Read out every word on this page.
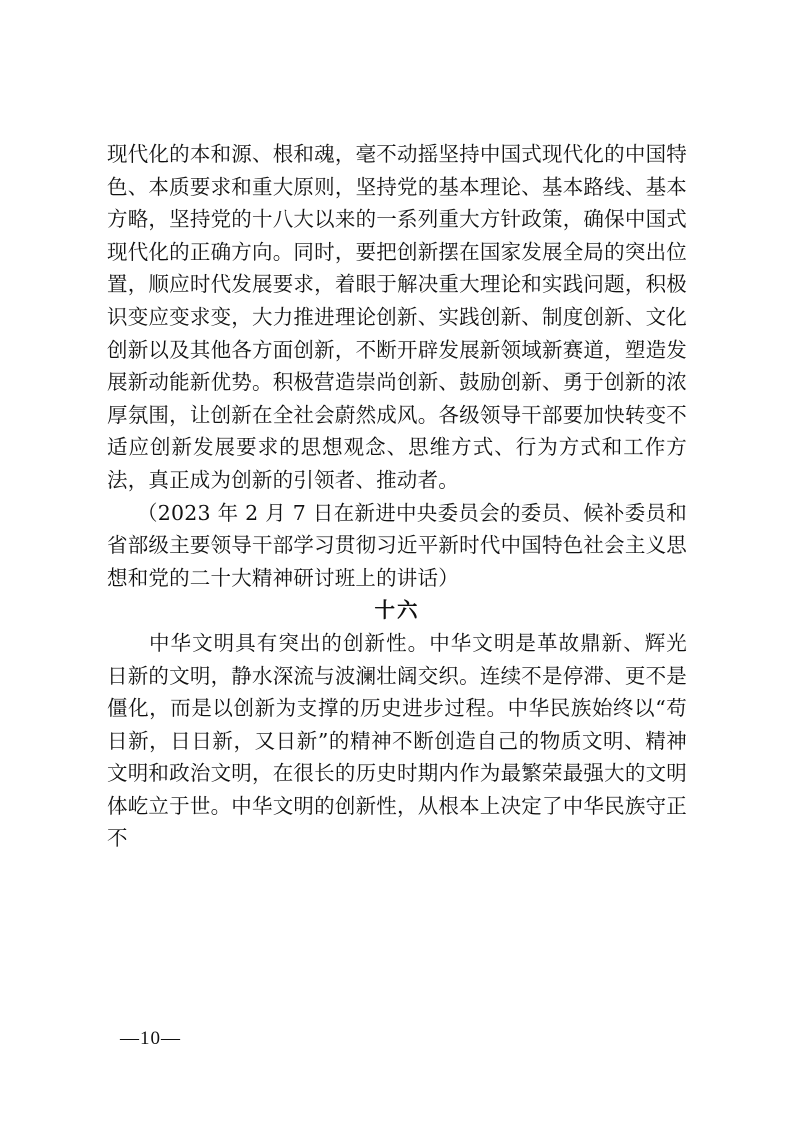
现代化的本和源、根和魂，毫不动摇坚持中国式现代化的中国特色、本质要求和重大原则，坚持党的基本理论、基本路线、基本方略，坚持党的十八大以来的一系列重大方针政策，确保中国式现代化的正确方向。同时，要把创新摆在国家发展全局的突出位置，顺应时代发展要求，着眼于解决重大理论和实践问题，积极识变应变求变，大力推进理论创新、实践创新、制度创新、文化创新以及其他各方面创新，不断开辟发展新领域新赛道，塑造发展新动能新优势。积极营造崇尚创新、鼓励创新、勇于创新的浓厚氛围，让创新在全社会蔚然成风。各级领导干部要加快转变不适应创新发展要求的思想观念、思维方式、行为方式和工作方法，真正成为创新的引领者、推动者。

（2023 年 2 月 7 日在新进中央委员会的委员、候补委员和省部级主要领导干部学习贯彻习近平新时代中国特色社会主义思想和党的二十大精神研讨班上的讲话）

十六

中华文明具有突出的创新性。中华文明是革故鼎新、辉光日新的文明，静水深流与波澜壮阔交织。连续不是停滞、更不是僵化，而是以创新为支撑的历史进步过程。中华民族始终以“苟日新，日日新，又日新”的精神不断创造自己的物质文明、精神文明和政治文明，在很长的历史时期内作为最繁荣最强大的文明体屹立于世。中华文明的创新性，从根本上决定了中华民族守正不

—10—
